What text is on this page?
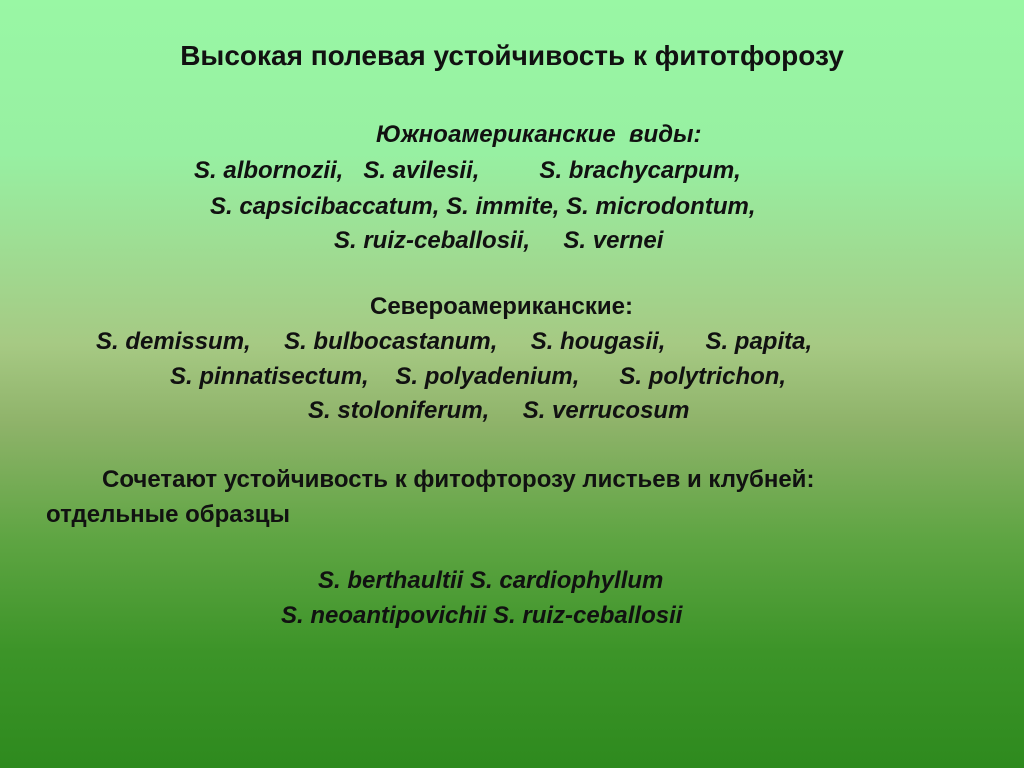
Высокая полевая устойчивость к фитотфорозу
Южноамериканские  виды:
S. albornozii,   S. avilesii,         S. brachycarpum,
S. capsicibaccatum, S. immite, S. microdontum,
S. ruiz-ceballosii,     S. vernei
Североамериканские:
S. demissum,     S. bulbocastanum,     S. hougasii,      S. papita,
S. pinnatisectum,    S. polyadenium,      S. polytrichon,
S. stoloniferum,     S. verrucosum
Сочетают устойчивость к фитофторозу листьев и клубней:
отдельные образцы
S. berthaultii S. cardiophyllum
S. neoantipovichii S. ruiz-ceballosii
